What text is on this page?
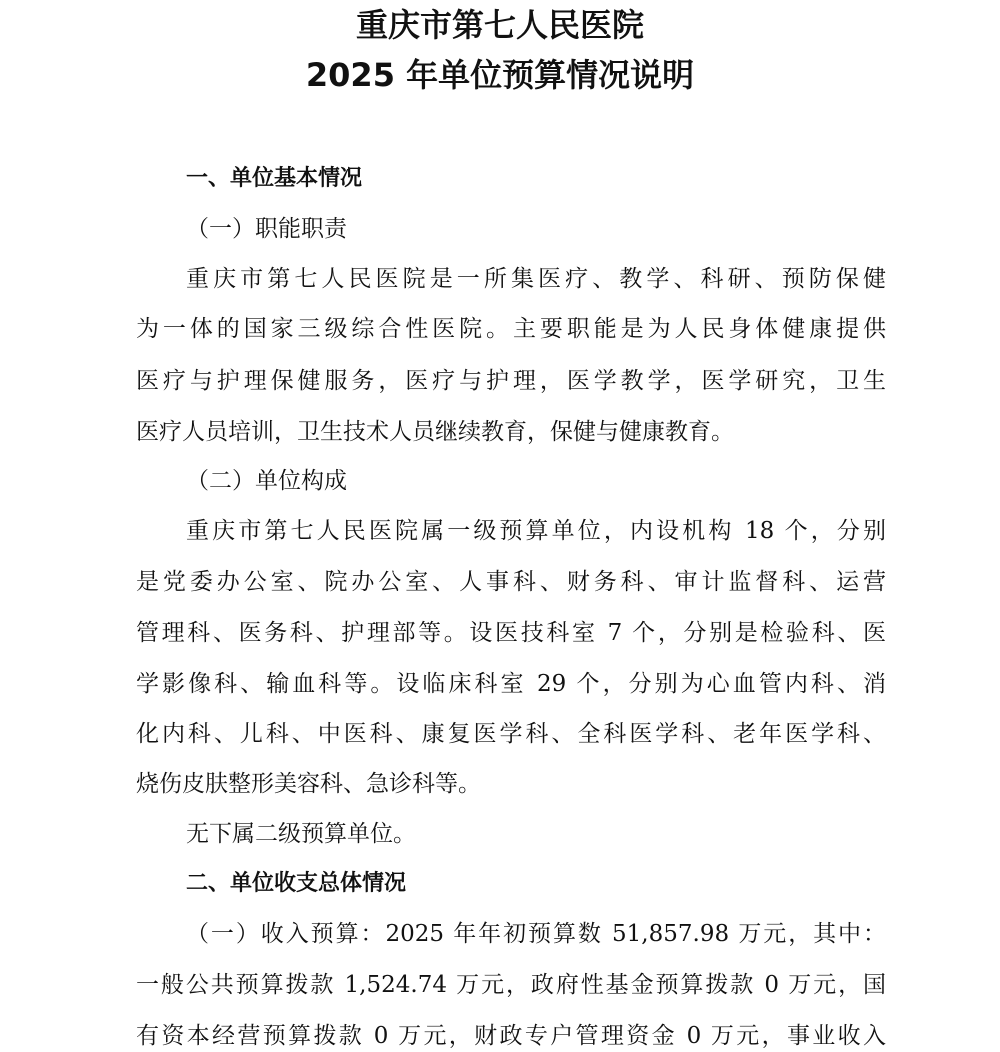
重庆市第七人民医院
2025 年单位预算情况说明
一、单位基本情况
（一）职能职责
重庆市第七人民医院是一所集医疗、教学、科研、预防保健
为一体的国家三级综合性医院。主要职能是为人民身体健康提供
医疗与护理保健服务，医疗与护理，医学教学，医学研究，卫生
医疗人员培训，卫生技术人员继续教育，保健与健康教育。
（二）单位构成
重庆市第七人民医院属一级预算单位，内设机构 18 个，分别
是党委办公室、院办公室、人事科、财务科、审计监督科、运营
管理科、医务科、护理部等。设医技科室 7 个，分别是检验科、医
学影像科、输血科等。设临床科室 29 个，分别为心血管内科、消
化内科、儿科、中医科、康复医学科、全科医学科、老年医学科、
烧伤皮肤整形美容科、急诊科等。
无下属二级预算单位。
二、单位收支总体情况
（一）收入预算：2025 年年初预算数 51,857.98 万元，其中：
一般公共预算拨款 1,524.74 万元，政府性基金预算拨款 0 万元，国
有资本经营预算拨款 0 万元，财政专户管理资金 0 万元，事业收入
